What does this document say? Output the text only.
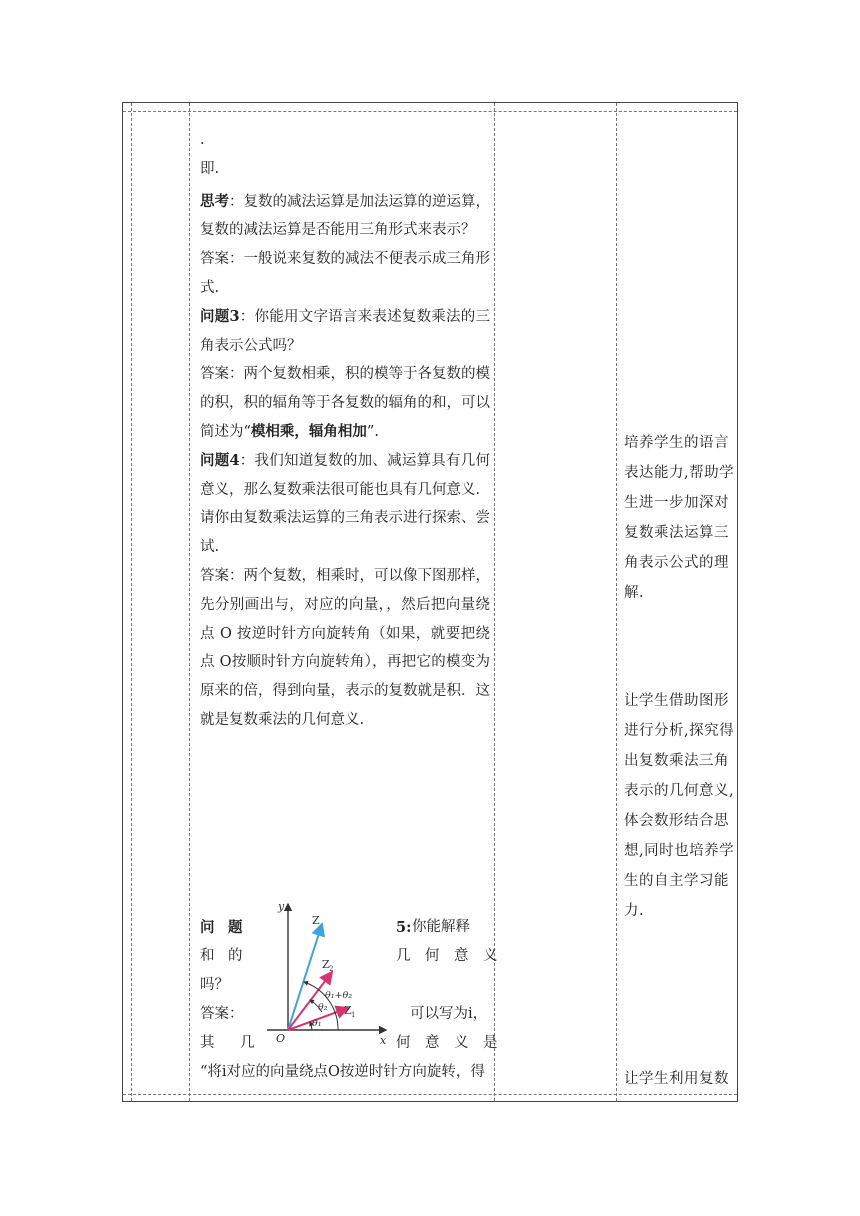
.

即.

思考：复数的减法运算是加法运算的逆运算，复数的减法运算是否能用三角形式来表示？

答案：一般说来复数的减法不便表示成三角形式.

问题3：你能用文字语言来表述复数乘法的三角表示公式吗？

答案：两个复数相乘，积的模等于各复数的模的积，积的辐角等于各复数的辐角的和，可以简述为“模相乘，辐角相加”.

问题4：我们知道复数的加、减运算具有几何意义，那么复数乘法很可能也具有几何意义．请你由复数乘法运算的三角表示进行探索、尝试.

答案：两个复数，相乘时，可以像下图那样，先分别画出与，对应的向量，，然后把向量绕点 O 按逆时针方向旋转角（如果，就要把绕点 O按顺时针方向旋转角），再把它的模变为原来的倍，得到向量，表示的复数就是积．这就是复数乘法的几何意义.

问 题	5: 你能解释
和 的	几　何　意　义
吗？
答案：	可以写为i，
其 几	何　意　义　是
“将i对应的向量绕点O按逆时针方向旋转，得
y
x
O
Z
Z 2
Z 1
θ₁+θ₂
θ₂
θ₁
培养学生的语言表达能力,帮助学生进一步加深对复数乘法运算三角表示公式的理解.
让学生借助图形进行分析,探究得出复数乘法三角表示的几何意义,体会数形结合思想,同时也培养学生的自主学习能力.
让学生利用复数
